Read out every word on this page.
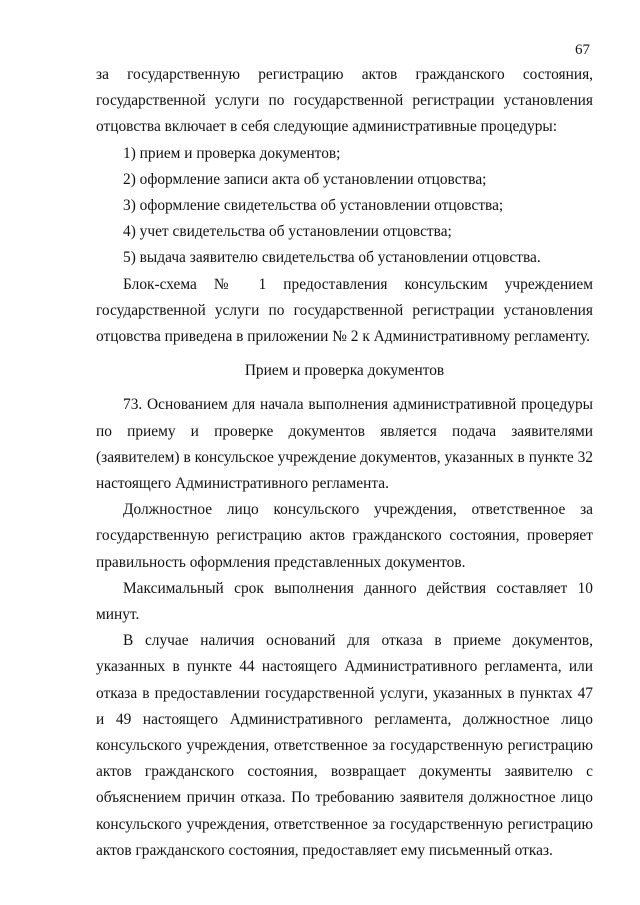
67

за государственную регистрацию актов гражданского состояния, государственной услуги по государственной регистрации установления отцовства включает в себя следующие административные процедуры:

1) прием и проверка документов;

2) оформление записи акта об установлении отцовства;

3) оформление свидетельства об установлении отцовства;

4) учет свидетельства об установлении отцовства;

5) выдача заявителю свидетельства об установлении отцовства.

Блок-схема № 1 предоставления консульским учреждением государственной услуги по государственной регистрации установления отцовства приведена в приложении № 2 к Административному регламенту.

Прием и проверка документов

73. Основанием для начала выполнения административной процедуры по приему и проверке документов является подача заявителями (заявителем) в консульское учреждение документов, указанных в пункте 32 настоящего Административного регламента.

Должностное лицо консульского учреждения, ответственное за государственную регистрацию актов гражданского состояния, проверяет правильность оформления представленных документов.

Максимальный срок выполнения данного действия составляет 10 минут.

В случае наличия оснований для отказа в приеме документов, указанных в пункте 44 настоящего Административного регламента, или отказа в предоставлении государственной услуги, указанных в пунктах 47 и 49 настоящего Административного регламента, должностное лицо консульского учреждения, ответственное за государственную регистрацию актов гражданского состояния, возвращает документы заявителю с объяснением причин отказа. По требованию заявителя должностное лицо консульского учреждения, ответственное за государственную регистрацию актов гражданского состояния, предоставляет ему письменный отказ.
